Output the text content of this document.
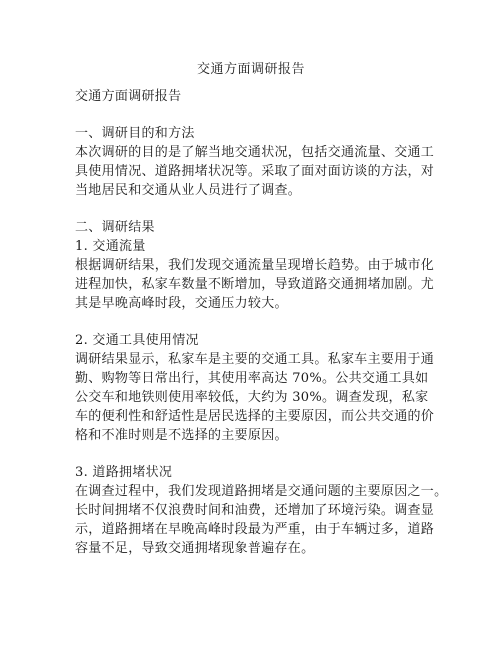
交通方面调研报告
交通方面调研报告
一、调研目的和方法
本次调研的目的是了解当地交通状况，包括交通流量、交通工
具使用情况、道路拥堵状况等。采取了面对面访谈的方法，对
当地居民和交通从业人员进行了调查。
二、调研结果
1. 交通流量
根据调研结果，我们发现交通流量呈现增长趋势。由于城市化
进程加快，私家车数量不断增加，导致道路交通拥堵加剧。尤
其是早晚高峰时段，交通压力较大。
2. 交通工具使用情况
调研结果显示，私家车是主要的交通工具。私家车主要用于通
勤、购物等日常出行，其使用率高达 70%。公共交通工具如
公交车和地铁则使用率较低，大约为 30%。调查发现，私家
车的便利性和舒适性是居民选择的主要原因，而公共交通的价
格和不准时则是不选择的主要原因。
3. 道路拥堵状况
在调查过程中，我们发现道路拥堵是交通问题的主要原因之一。
长时间拥堵不仅浪费时间和油费，还增加了环境污染。调查显
示，道路拥堵在早晚高峰时段最为严重，由于车辆过多，道路
容量不足，导致交通拥堵现象普遍存在。
